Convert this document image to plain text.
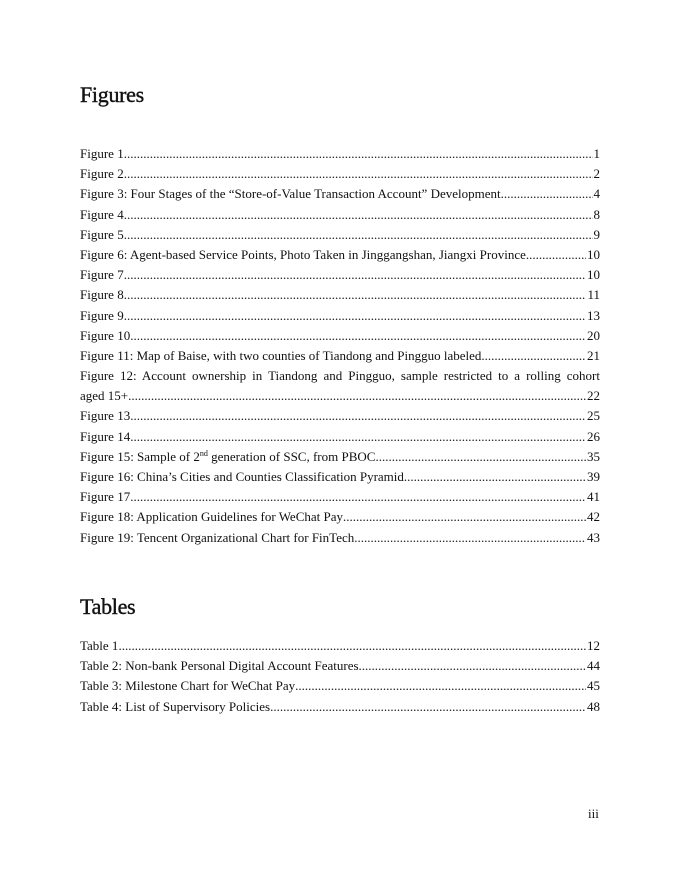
Figures
Figure 1 .....	1
Figure 2 .....	2
Figure 3: Four Stages of the “Store-of-Value Transaction Account” Development .....	4
Figure 4 .....	8
Figure 5 .....	9
Figure 6: Agent-based Service Points, Photo Taken in Jinggangshan, Jiangxi Province .....	10
Figure 7 .....	10
Figure 8 .....	11
Figure 9 .....	13
Figure 10 .....	20
Figure 11: Map of Baise, with two counties of Tiandong and Pingguo labeled .....	21
Figure 12: Account ownership in Tiandong and Pingguo, sample restricted to a rolling cohort
aged 15+ .....	22
Figure 13 .....	25
Figure 14 .....	26
Figure 15: Sample of 2nd generation of SSC, from PBOC .....	35
Figure 16: China’s Cities and Counties Classification Pyramid .....	39
Figure 17 .....	41
Figure 18: Application Guidelines for WeChat Pay .....	42
Figure 19: Tencent Organizational Chart for FinTech .....	43
Tables
Table 1 .....	12
Table 2: Non-bank Personal Digital Account Features .....	44
Table 3: Milestone Chart for WeChat Pay .....	45
Table 4: List of Supervisory Policies .....	48
iii
